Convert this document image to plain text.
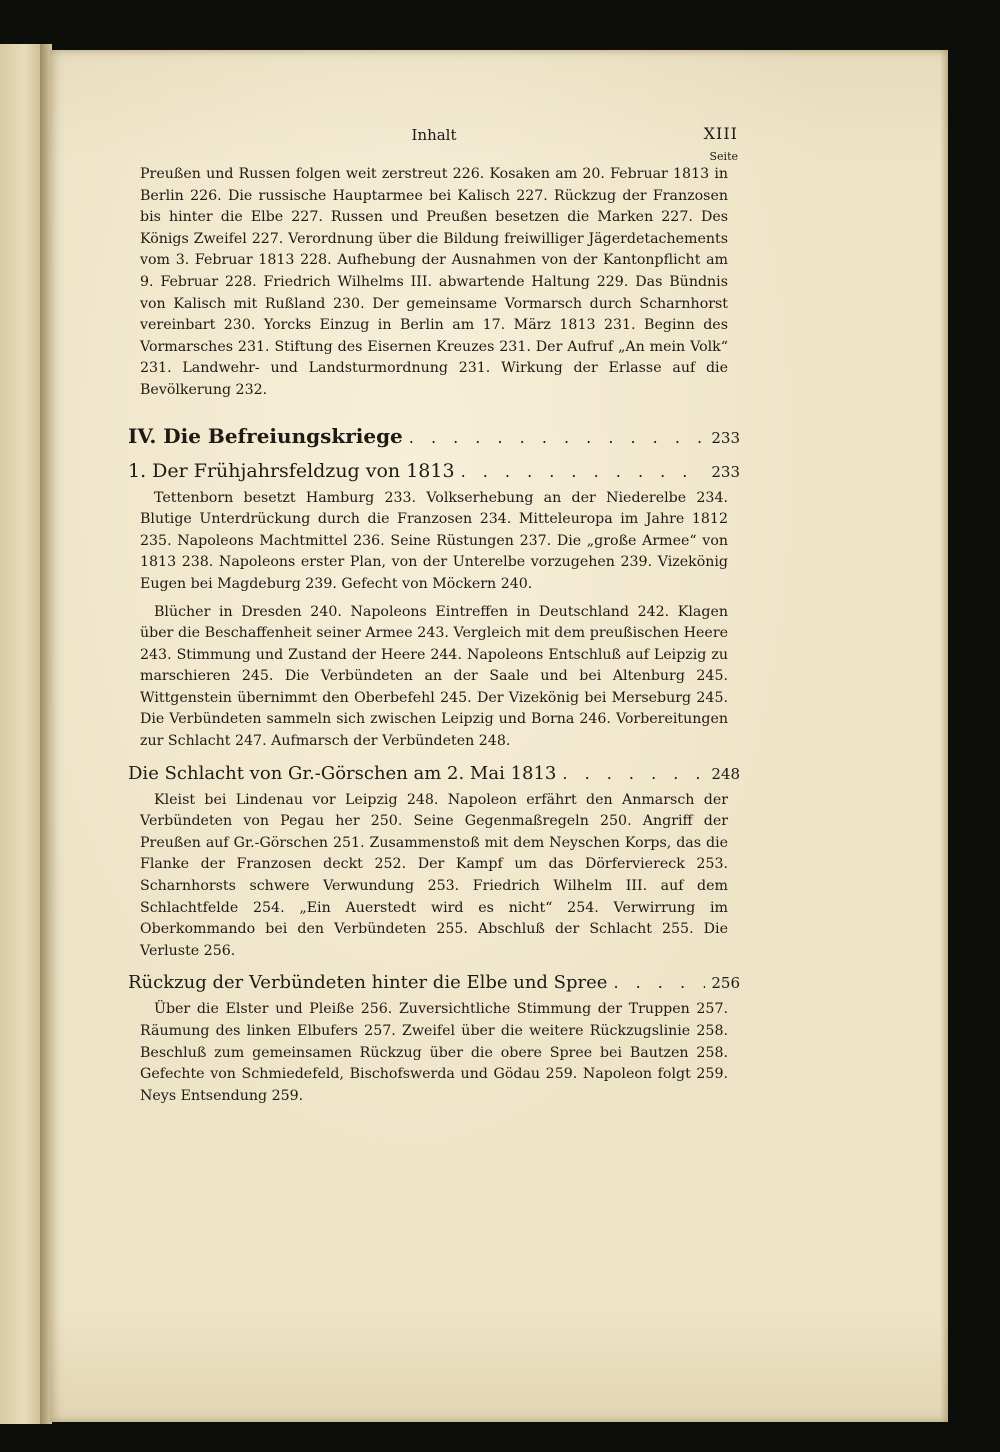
Inhalt	XIII
Seite

Preußen und Russen folgen weit zerstreut 226. Kosaken am 20. Februar 1813 in Berlin 226. Die russische Hauptarmee bei Kalisch 227. Rückzug der Franzosen bis hinter die Elbe 227. Russen und Preußen besetzen die Marken 227. Des Königs Zweifel 227. Verordnung über die Bildung freiwilliger Jägerdetachements vom 3. Februar 1813 228. Aufhebung der Ausnahmen von der Kantonpflicht am 9. Februar 228. Friedrich Wilhelms III. abwartende Haltung 229. Das Bündnis von Kalisch mit Rußland 230. Der gemeinsame Vormarsch durch Scharnhorst vereinbart 230. Yorcks Einzug in Berlin am 17. März 1813 231. Beginn des Vormarsches 231. Stiftung des Eisernen Kreuzes 231. Der Aufruf „An mein Volk“ 231. Landwehr- und Landsturmordnung 231. Wirkung der Erlasse auf die Bevölkerung 232.

IV. Die Befreiungskriege . . .	233
1. Der Frühjahrsfeldzug von 1813 . . .	233

Tettenborn besetzt Hamburg 233. Volkserhebung an der Niederelbe 234. Blutige Unterdrückung durch die Franzosen 234. Mitteleuropa im Jahre 1812 235. Napoleons Machtmittel 236. Seine Rüstungen 237. Die „große Armee“ von 1813 238. Napoleons erster Plan, von der Unterelbe vorzugehen 239. Vizekönig Eugen bei Magdeburg 239. Gefecht von Möckern 240.

Blücher in Dresden 240. Napoleons Eintreffen in Deutschland 242. Klagen über die Beschaffenheit seiner Armee 243. Vergleich mit dem preußischen Heere 243. Stimmung und Zustand der Heere 244. Napoleons Entschluß auf Leipzig zu marschieren 245. Die Verbündeten an der Saale und bei Altenburg 245. Wittgenstein übernimmt den Oberbefehl 245. Der Vizekönig bei Merseburg 245. Die Verbündeten sammeln sich zwischen Leipzig und Borna 246. Vorbereitungen zur Schlacht 247. Aufmarsch der Verbündeten 248.

Die Schlacht von Gr.-Görschen am 2. Mai 1813 . . .	248

Kleist bei Lindenau vor Leipzig 248. Napoleon erfährt den Anmarsch der Verbündeten von Pegau her 250. Seine Gegenmaßregeln 250. Angriff der Preußen auf Gr.-Görschen 251. Zusammenstoß mit dem Neyschen Korps, das die Flanke der Franzosen deckt 252. Der Kampf um das Dörferviereck 253. Scharnhorsts schwere Verwundung 253. Friedrich Wilhelm III. auf dem Schlachtfelde 254. „Ein Auerstedt wird es nicht“ 254. Verwirrung im Oberkommando bei den Verbündeten 255. Abschluß der Schlacht 255. Die Verluste 256.

Rückzug der Verbündeten hinter die Elbe und Spree . . .	256

Über die Elster und Pleiße 256. Zuversichtliche Stimmung der Truppen 257. Räumung des linken Elbufers 257. Zweifel über die weitere Rückzugslinie 258. Beschluß zum gemeinsamen Rückzug über die obere Spree bei Bautzen 258. Gefechte von Schmiedefeld, Bischofswerda und Gödau 259. Napoleon folgt 259. Neys Entsendung 259.
